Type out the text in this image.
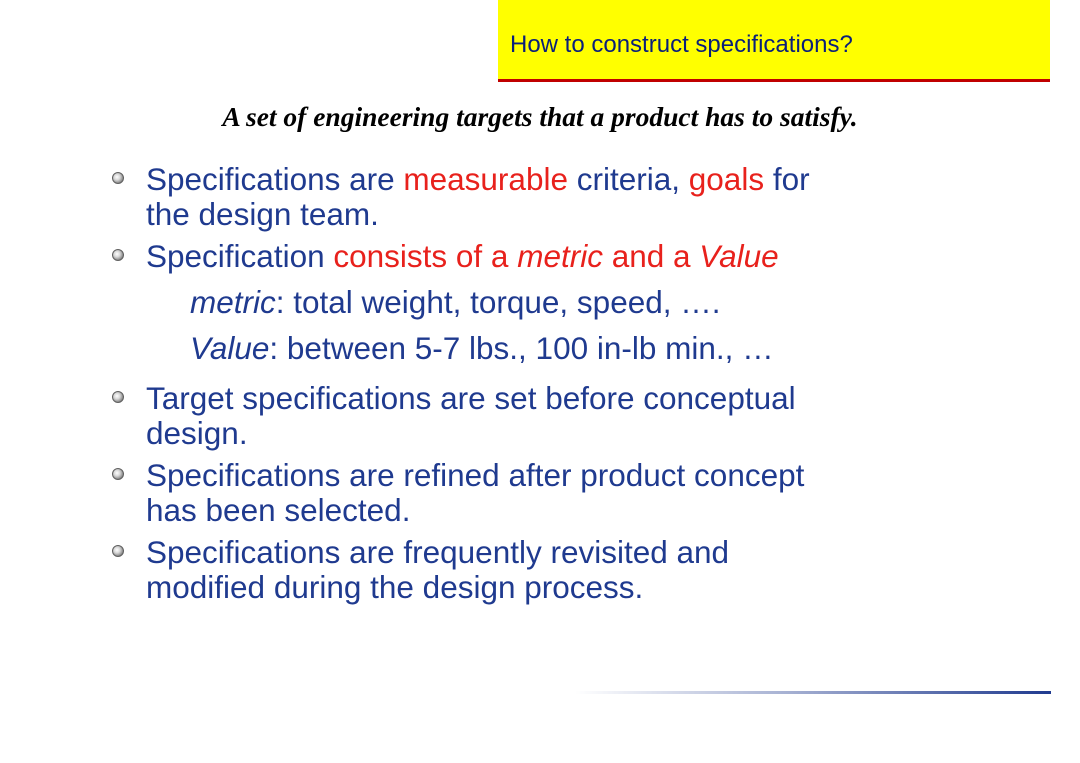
How to construct specifications?
A set of engineering targets that a product has to satisfy.
Specifications are measurable criteria, goals for
the design team.
Specification consists of a metric and a Value
metric: total weight, torque, speed, ….
Value: between 5-7 lbs., 100 in-lb min., …
Target specifications are set before conceptual
design.
Specifications are refined after product concept
has been selected.
Specifications are frequently revisited and
modified during the design process.
